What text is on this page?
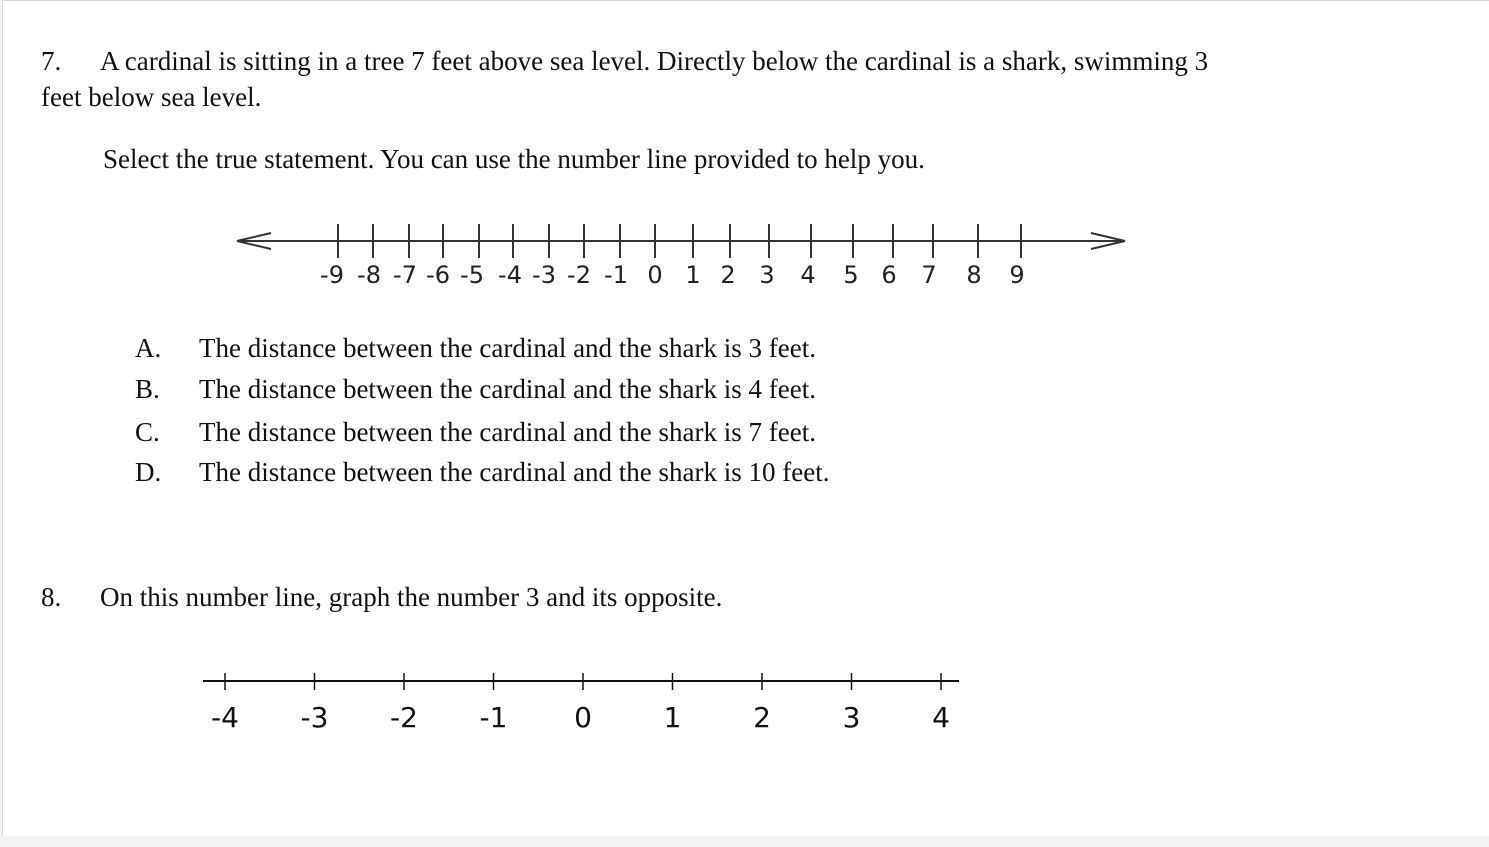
7. A cardinal is sitting in a tree 7 feet above sea level. Directly below the cardinal is a shark, swimming 3
feet below sea level.
Select the true statement. You can use the number line provided to help you.
-9 -8 -7 -6 -5 -4 -3 -2 -1 0 1 2 3 4 5 6 7 8 9
A. The distance between the cardinal and the shark is 3 feet.
B. The distance between the cardinal and the shark is 4 feet.
C. The distance between the cardinal and the shark is 7 feet.
D. The distance between the cardinal and the shark is 10 feet.
8. On this number line, graph the number 3 and its opposite.
-4 -3 -2 -1 0	1	2	3	4
